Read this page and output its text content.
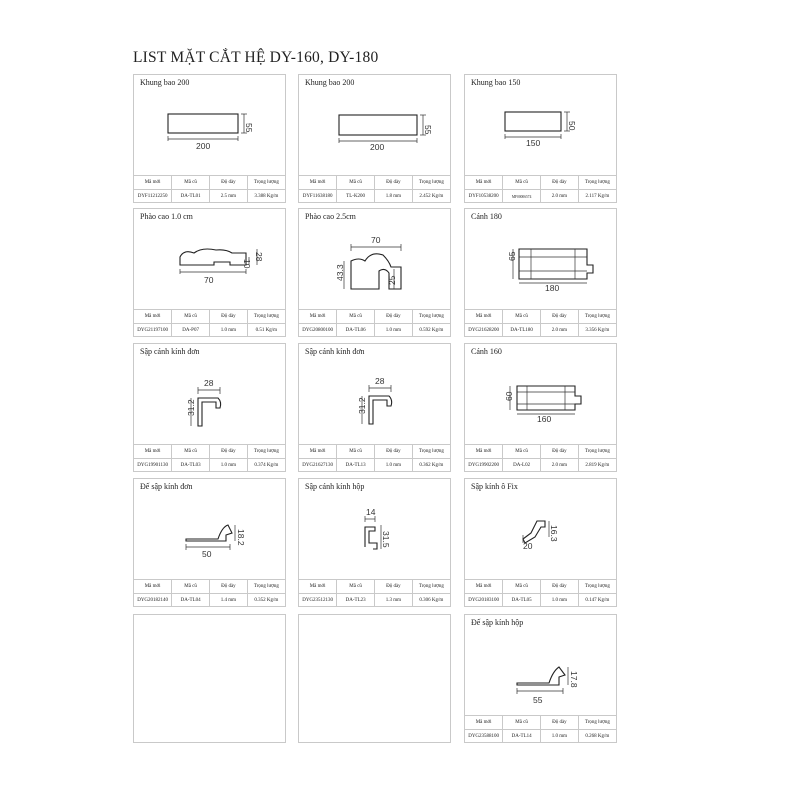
LIST MẶT CẮT HỆ DY-160, DY-180
Khung bao 200
200
55
Mã mới	Mã cũ	Độ dày	Trọng lượng
DYF11212250	DA-TL01	2.5 mm	3.388 Kg/m
Khung bao 200
200
55
Mã mới	Mã cũ	Độ dày	Trọng lượng
DYF11638180	TL-K200	1.8 mm	2.452 Kg/m
Khung bao 150
150
50
Mã mới	Mã cũ	Độ dày	Trọng lượng
DYF10538200	MF00006574	2.0 mm	2.117 Kg/m
Phào cao 1.0 cm
70
10
28
Mã mới	Mã cũ	Độ dày	Trọng lượng
DYG21197100	DA-P07	1.0 mm	0.51 Kg/m
Phào cao 2.5cm
70
43.3	25
Mã mới	Mã cũ	Độ dày	Trọng lượng
DYG20800100	DA-TL06	1.0 mm	0.592 Kg/m
Cánh 180
180
65
Mã mới	Mã cũ	Độ dày	Trọng lượng
DYG21628200	DA-TL180	2.0 mm	3.356 Kg/m
Sập cánh kính đơn
28
31.2
Mã mới	Mã cũ	Độ dày	Trọng lượng
DYG19901130	DA-TL03	1.0 mm	0.374 Kg/m
Sập cánh kính đơn
28
31.2
Mã mới	Mã cũ	Độ dày	Trọng lượng
DYG21627130	DA-TL13	1.0 mm	0.362 Kg/m
Cánh 160
160
60
Mã mới	Mã cũ	Độ dày	Trọng lượng
DYG19902200	DA-L02	2.0 mm	2.819 Kg/m
Đế sập kính đơn
50
18.2
Mã mới	Mã cũ	Độ dày	Trọng lượng
DYG20182140	DA-TL04	1.4 mm	0.352 Kg/m
Sập cánh kính hộp
14
31.5
Mã mới	Mã cũ	Độ dày	Trọng lượng
DYG23512130	DA-TL23	1.3 mm	0.306 Kg/m
Sập kính ô Fix
20
16.3
Mã mới	Mã cũ	Độ dày	Trọng lượng
DYG20183100	DA-TL05	1.0 mm	0.147 Kg/m
Đế sập kính hộp
55
17.8
Mã mới	Mã cũ	Độ dày	Trọng lượng
DYG23588100	DA-TL14	1.0 mm	0.268 Kg/m
